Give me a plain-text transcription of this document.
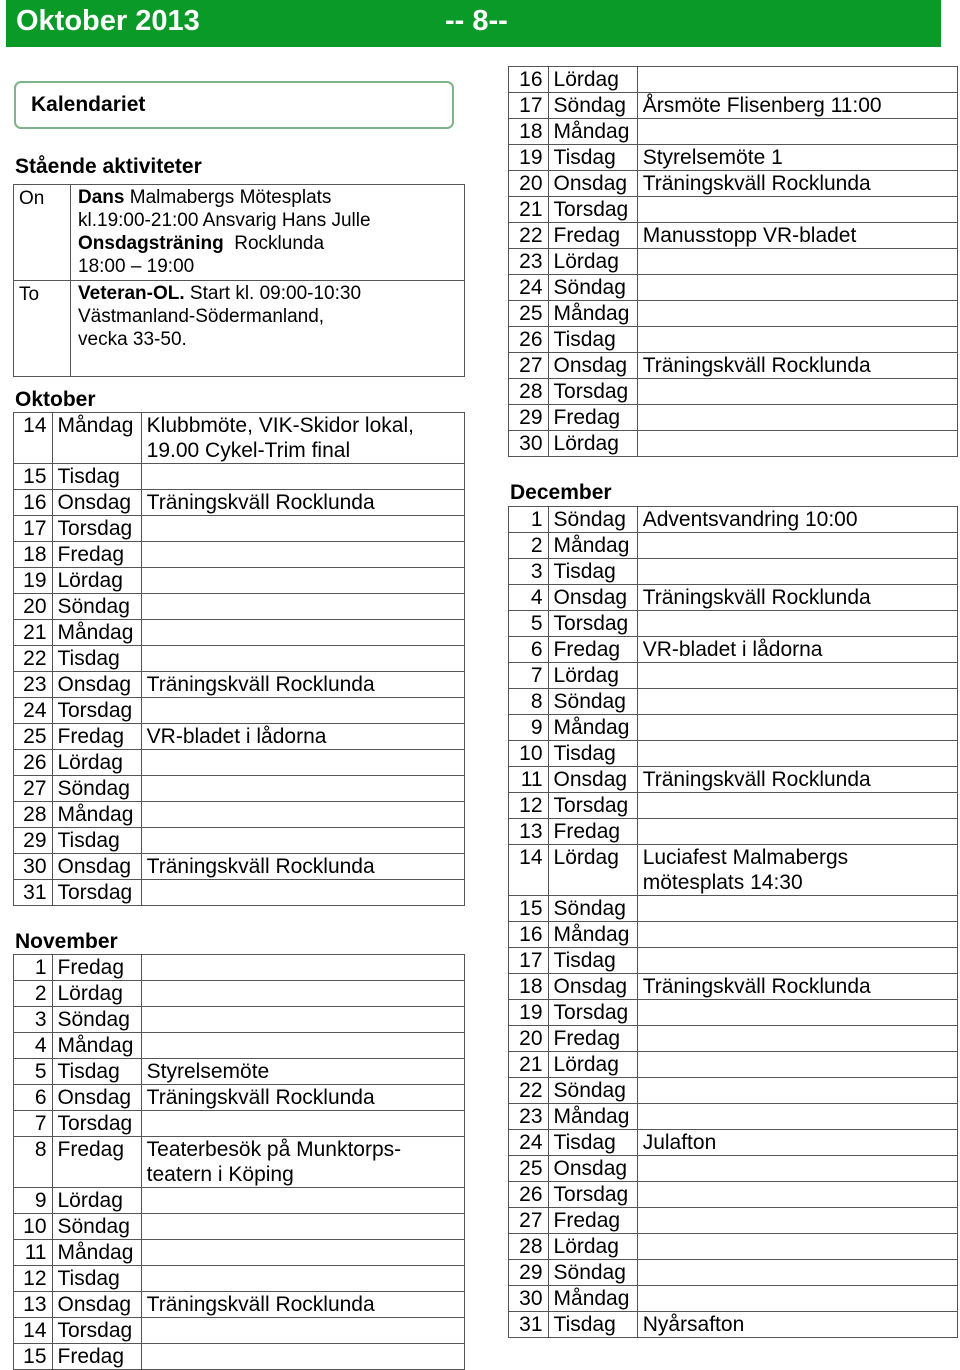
Oktober 2013	-- 8--
Kalendariet
Stående aktiviteter
On	Dans Malmabergs Mötesplats
kl.19:00-21:00 Ansvarig Hans Julle
Onsdagsträning  Rocklunda
18:00 – 19:00

To	Veteran-OL. Start kl. 09:00-10:30
Västmanland-Södermanland,
vecka 33-50.
Oktober
14	Måndag	Klubbmöte, VIK-Skidor lokal,
19.00 Cykel-Trim final

15	Tisdag	
16	Onsdag	Träningskväll Rocklunda
17	Torsdag	
18	Fredag	
19	Lördag	
20	Söndag	
21	Måndag	
22	Tisdag	
23	Onsdag	Träningskväll Rocklunda
24	Torsdag	
25	Fredag	VR-bladet i lådorna
26	Lördag	
27	Söndag	
28	Måndag	
29	Tisdag	
30	Onsdag	Träningskväll Rocklunda
31	Torsdag	
November
1	Fredag	
2	Lördag	
3	Söndag	
4	Måndag	
5	Tisdag	Styrelsemöte
6	Onsdag	Träningskväll Rocklunda
7	Torsdag	
8	Fredag	Teaterbesök på Munktorps-
teatern i Köping

9	Lördag	
10	Söndag	
11	Måndag	
12	Tisdag	
13	Onsdag	Träningskväll Rocklunda
14	Torsdag	
15	Fredag	
16	Lördag	
17	Söndag	Årsmöte Flisenberg 11:00
18	Måndag	
19	Tisdag	Styrelsemöte 1
20	Onsdag	Träningskväll Rocklunda
21	Torsdag	
22	Fredag	Manusstopp VR-bladet
23	Lördag	
24	Söndag	
25	Måndag	
26	Tisdag	
27	Onsdag	Träningskväll Rocklunda
28	Torsdag	
29	Fredag	
30	Lördag	
December
1	Söndag	Adventsvandring 10:00
2	Måndag	
3	Tisdag	
4	Onsdag	Träningskväll Rocklunda
5	Torsdag	
6	Fredag	VR-bladet i lådorna
7	Lördag	
8	Söndag	
9	Måndag	
10	Tisdag	
11	Onsdag	Träningskväll Rocklunda
12	Torsdag	
13	Fredag	
14	Lördag	Luciafest Malmabergs
mötesplats 14:30

15	Söndag	
16	Måndag	
17	Tisdag	
18	Onsdag	Träningskväll Rocklunda
19	Torsdag	
20	Fredag	
21	Lördag	
22	Söndag	
23	Måndag	
24	Tisdag	Julafton
25	Onsdag	
26	Torsdag	
27	Fredag	
28	Lördag	
29	Söndag	
30	Måndag	
31	Tisdag	Nyårsafton
